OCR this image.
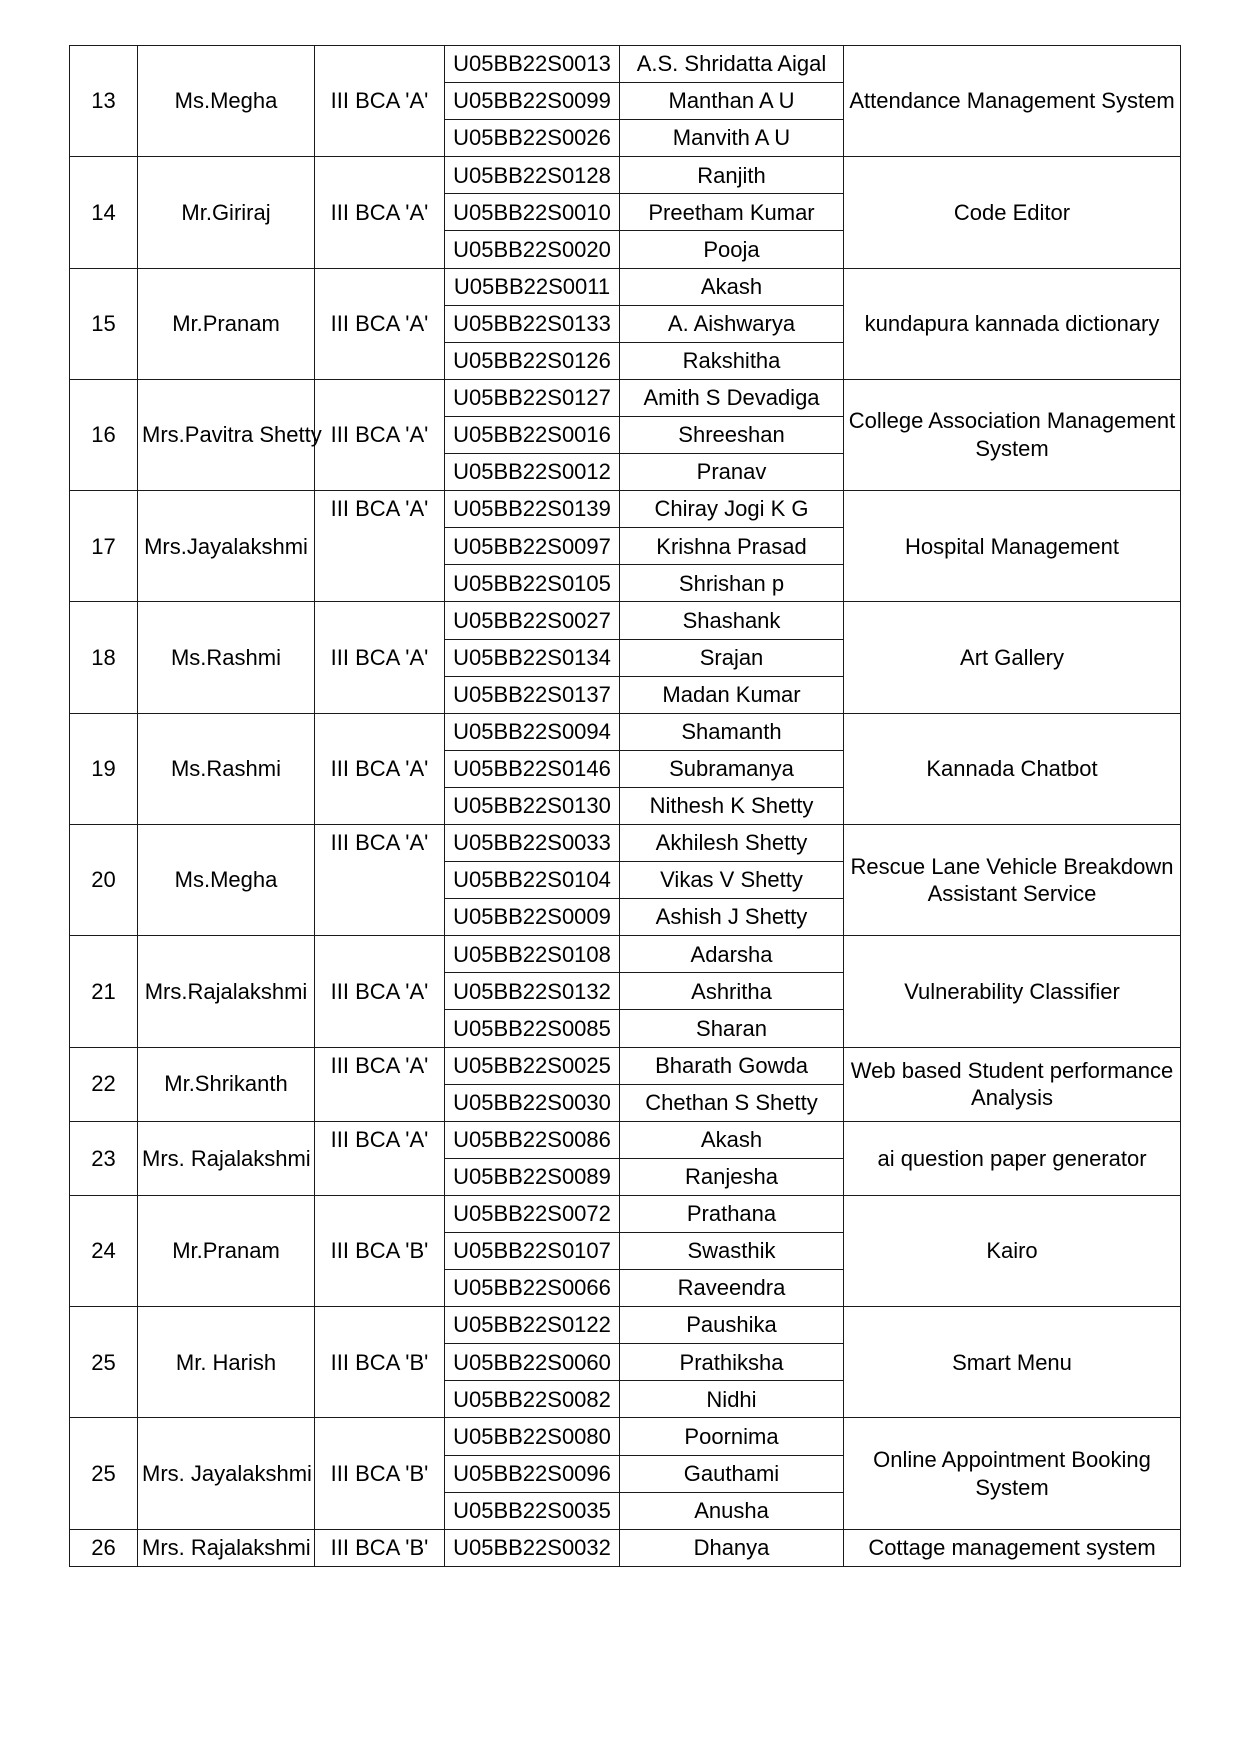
13	Ms.Megha	III BCA 'A'	U05BB22S0013	A.S. Shridatta Aigal	Attendance Management System
			U05BB22S0099	Manthan A U	
			U05BB22S0026	Manvith A U	
14	Mr.Giriraj	III BCA 'A'	U05BB22S0128	Ranjith	Code Editor
			U05BB22S0010	Preetham Kumar	
			U05BB22S0020	Pooja	
15	Mr.Pranam	III BCA 'A'	U05BB22S0011	Akash	kundapura kannada dictionary
			U05BB22S0133	A. Aishwarya	
			U05BB22S0126	Rakshitha	
16	Mrs.Pavitra Shetty	III BCA 'A'	U05BB22S0127	Amith S Devadiga	College Association Management System
			U05BB22S0016	Shreeshan	
			U05BB22S0012	Pranav	
17	Mrs.Jayalakshmi	III BCA 'A'	U05BB22S0139	Chiray Jogi K G	Hospital Management
			U05BB22S0097	Krishna Prasad	
			U05BB22S0105	Shrishan p	
18	Ms.Rashmi	III BCA 'A'	U05BB22S0027	Shashank	Art Gallery
			U05BB22S0134	Srajan	
			U05BB22S0137	Madan Kumar	
19	Ms.Rashmi	III BCA 'A'	U05BB22S0094	Shamanth	Kannada Chatbot
			U05BB22S0146	Subramanya	
			U05BB22S0130	Nithesh K Shetty	
20	Ms.Megha	III BCA 'A'	U05BB22S0033	Akhilesh Shetty	Rescue Lane Vehicle Breakdown Assistant Service
			U05BB22S0104	Vikas V Shetty	
			U05BB22S0009	Ashish J Shetty	
21	Mrs.Rajalakshmi	III BCA 'A'	U05BB22S0108	Adarsha	Vulnerability Classifier
			U05BB22S0132	Ashritha	
			U05BB22S0085	Sharan	
22	Mr.Shrikanth	III BCA 'A'	U05BB22S0025	Bharath Gowda	Web based Student performance Analysis
			U05BB22S0030	Chethan S Shetty	
23	Mrs. Rajalakshmi	III BCA 'A'	U05BB22S0086	Akash	ai question paper generator
			U05BB22S0089	Ranjesha	
24	Mr.Pranam	III BCA 'B'	U05BB22S0072	Prathana	Kairo
			U05BB22S0107	Swasthik	
			U05BB22S0066	Raveendra	
25	Mr. Harish	III BCA 'B'	U05BB22S0122	Paushika	Smart Menu
			U05BB22S0060	Prathiksha	
			U05BB22S0082	Nidhi	
25	Mrs. Jayalakshmi	III BCA 'B'	U05BB22S0080	Poornima	Online Appointment Booking System
			U05BB22S0096	Gauthami	
			U05BB22S0035	Anusha	
26	Mrs. Rajalakshmi	III BCA 'B'	U05BB22S0032	Dhanya	Cottage management system
